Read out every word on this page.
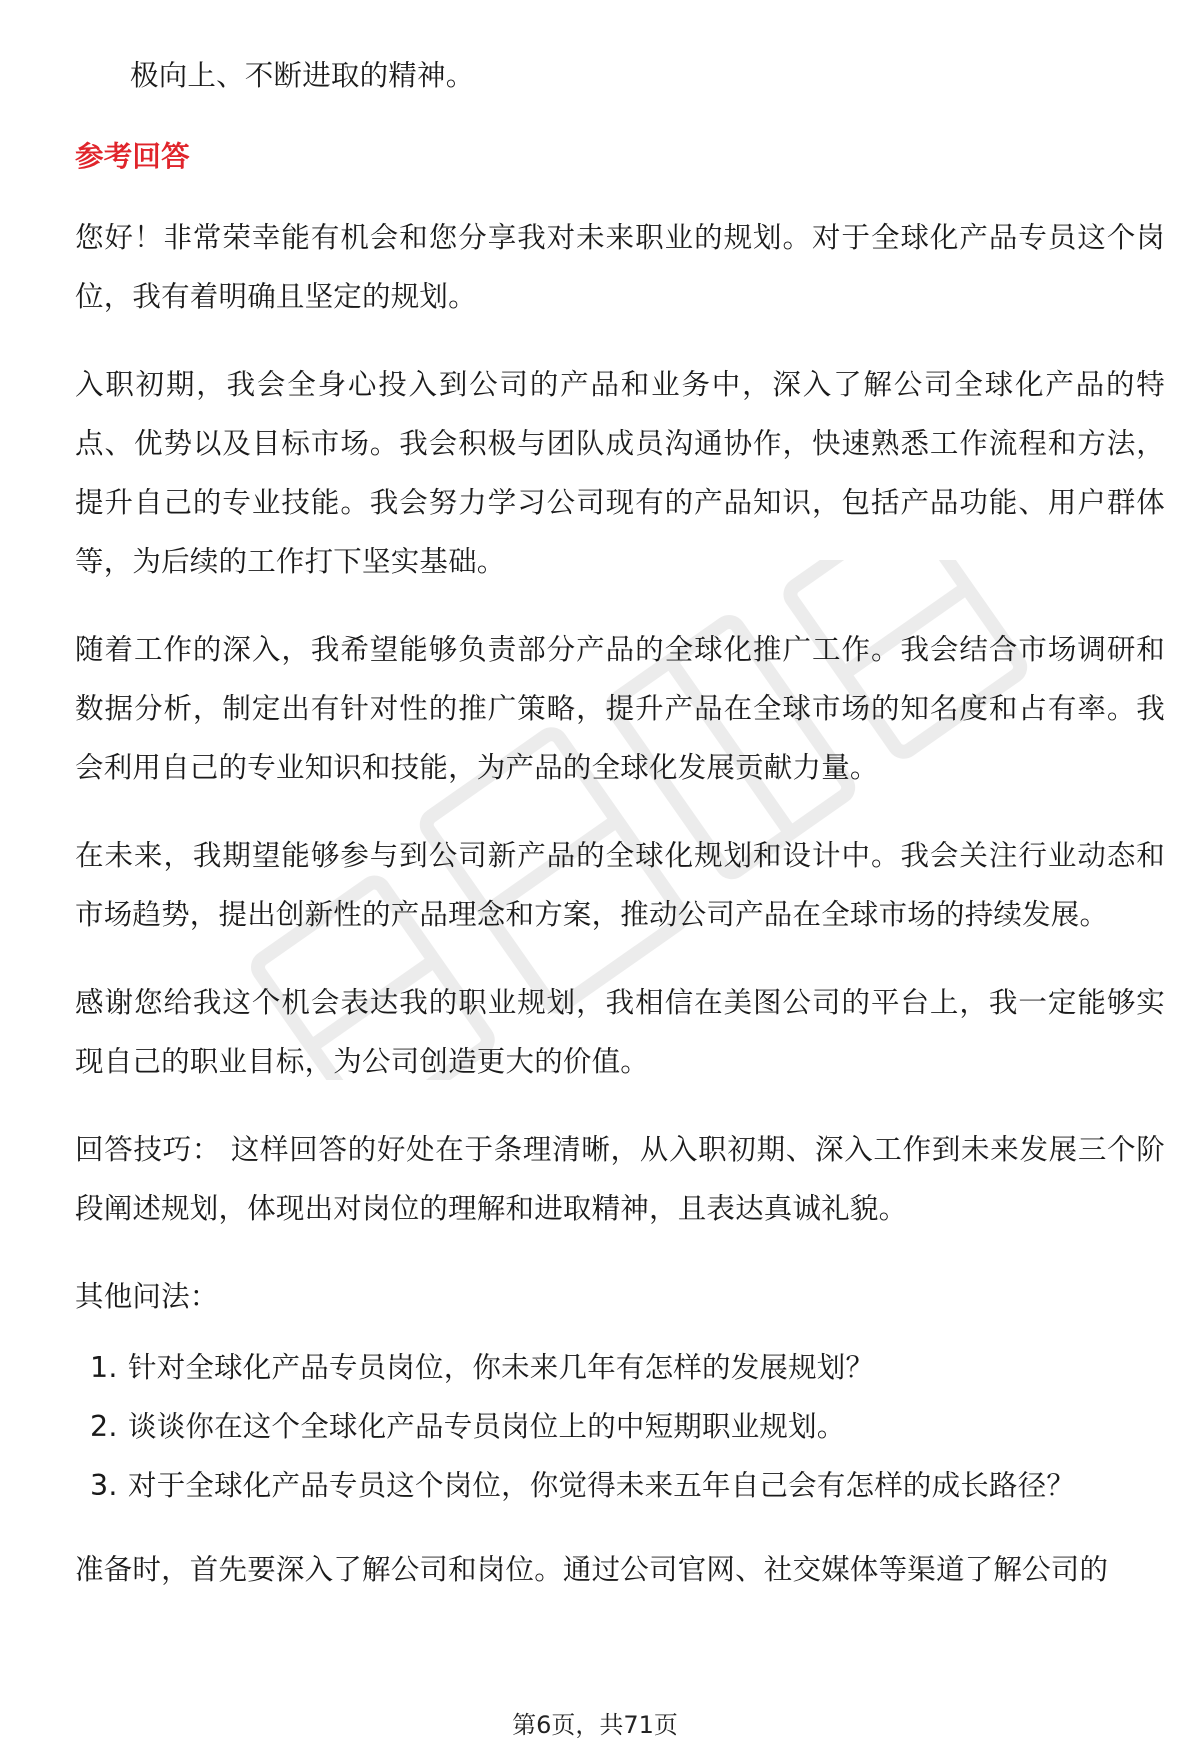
极向上、不断进取的精神。

参考回答

您好！非常荣幸能有机会和您分享我对未来职业的规划。对于全球化产品专员这个岗位，我有着明确且坚定的规划。

入职初期，我会全身心投入到公司的产品和业务中，深入了解公司全球化产品的特点、优势以及目标市场。我会积极与团队成员沟通协作，快速熟悉工作流程和方法，提升自己的专业技能。我会努力学习公司现有的产品知识，包括产品功能、用户群体等，为后续的工作打下坚实基础。

随着工作的深入，我希望能够负责部分产品的全球化推广工作。我会结合市场调研和数据分析，制定出有针对性的推广策略，提升产品在全球市场的知名度和占有率。我会利用自己的专业知识和技能，为产品的全球化发展贡献力量。

在未来，我期望能够参与到公司新产品的全球化规划和设计中。我会关注行业动态和市场趋势，提出创新性的产品理念和方案，推动公司产品在全球市场的持续发展。

感谢您给我这个机会表达我的职业规划，我相信在美图公司的平台上，我一定能够实现自己的职业目标，为公司创造更大的价值。

回答技巧： 这样回答的好处在于条理清晰，从入职初期、深入工作到未来发展三个阶段阐述规划，体现出对岗位的理解和进取精神，且表达真诚礼貌。

其他问法：

1. 针对全球化产品专员岗位，你未来几年有怎样的发展规划？
2. 谈谈你在这个全球化产品专员岗位上的中短期职业规划。
3. 对于全球化产品专员这个岗位，你觉得未来五年自己会有怎样的成长路径？

准备时，首先要深入了解公司和岗位。通过公司官网、社交媒体等渠道了解公司的

第6页，共71页
